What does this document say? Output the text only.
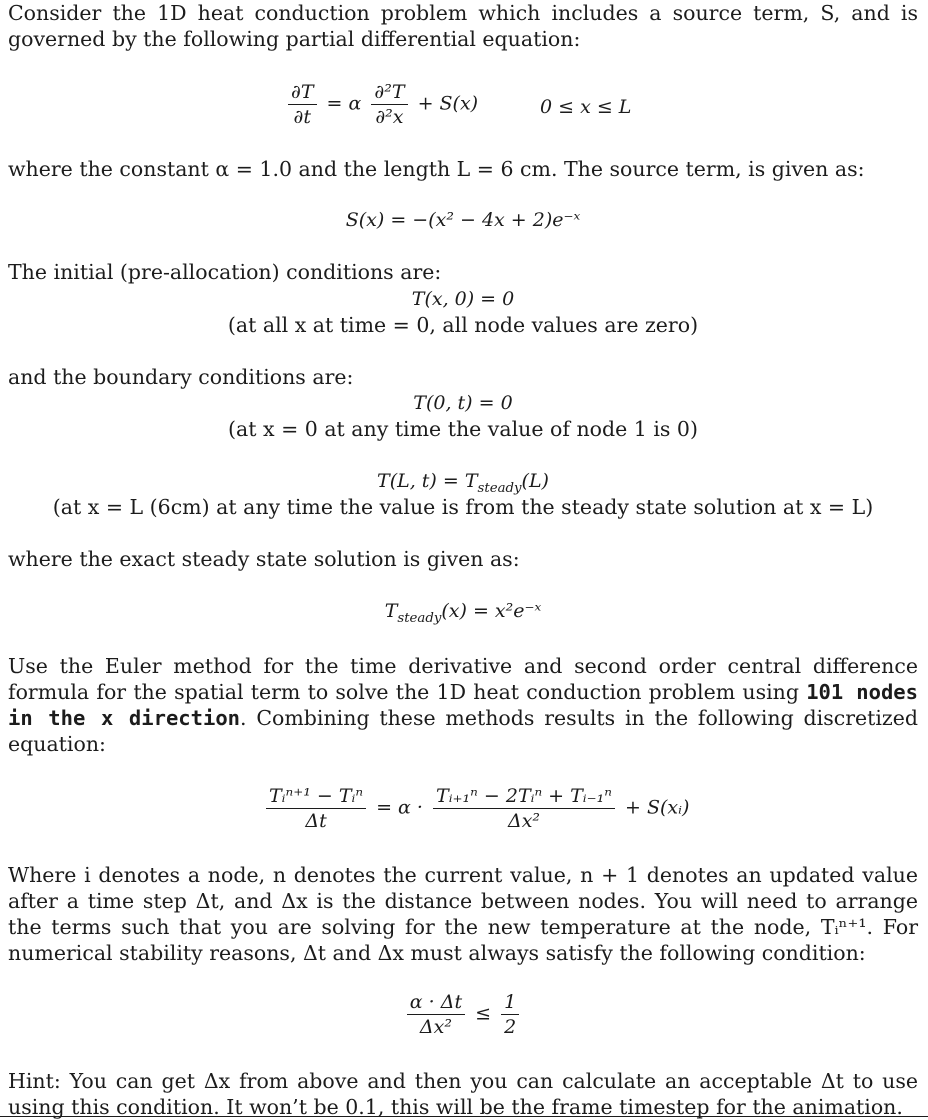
Consider the 1D heat conduction problem which includes a source term, S, and is governed by the following partial differential equation:

$\frac{\partial T}{\partial t} = \alpha \frac{\text{∂²T}}{\text{∂²x}} + S(x)$	0 ≤ x ≤ L

where the constant α = 1.0 and the length L = 6 cm. The source term, is given as:

S(x) = −(x² − 4x + 2)e⁻ˣ

The initial (pre-allocation) conditions are:

T(x, 0) = 0

(at all x at time = 0, all node values are zero)

and the boundary conditions are:

T(0, t) = 0

(at x = 0 at any time the value of node 1 is 0)

T(L, $t) = T_{steady}(L)$

(at x = L (6cm) at any time the value is from the steady state solution at x = L)

where the exact steady state solution is given as:

$T_{steady}(x)$ = x²e⁻ˣ

Use the Euler method for the time derivative and second order central difference formula for the spatial term to solve the 1D heat conduction problem using 101 nodes in the x direction. Combining these methods results in the following discretized equation:

$\frac{\text{Tᵢⁿ⁺¹ − Tᵢⁿ}}{\Delta t} = \alpha \cdot \frac{\text{Tᵢ₊₁ⁿ − 2Tᵢⁿ + Tᵢ₋₁ⁿ}}{\text{Δx²}}$ + S(xᵢ)

Where i denotes a node, n denotes the current value, n + 1 denotes an updated value after a time step Δt, and Δx is the distance between nodes. You will need to arrange the terms such that you are solving for the new temperature at the node, Tᵢⁿ⁺¹. For numerical stability reasons, Δt and Δx must always satisfy the following condition:

$\frac{\alpha \cdot \Delta t}{\text{Δx²}} \le \frac{1}{2}$

Hint: You can get Δx from above and then you can calculate an acceptable Δt to use using this condition. It won’t be 0.1, this will be the frame timestep for the animation.
